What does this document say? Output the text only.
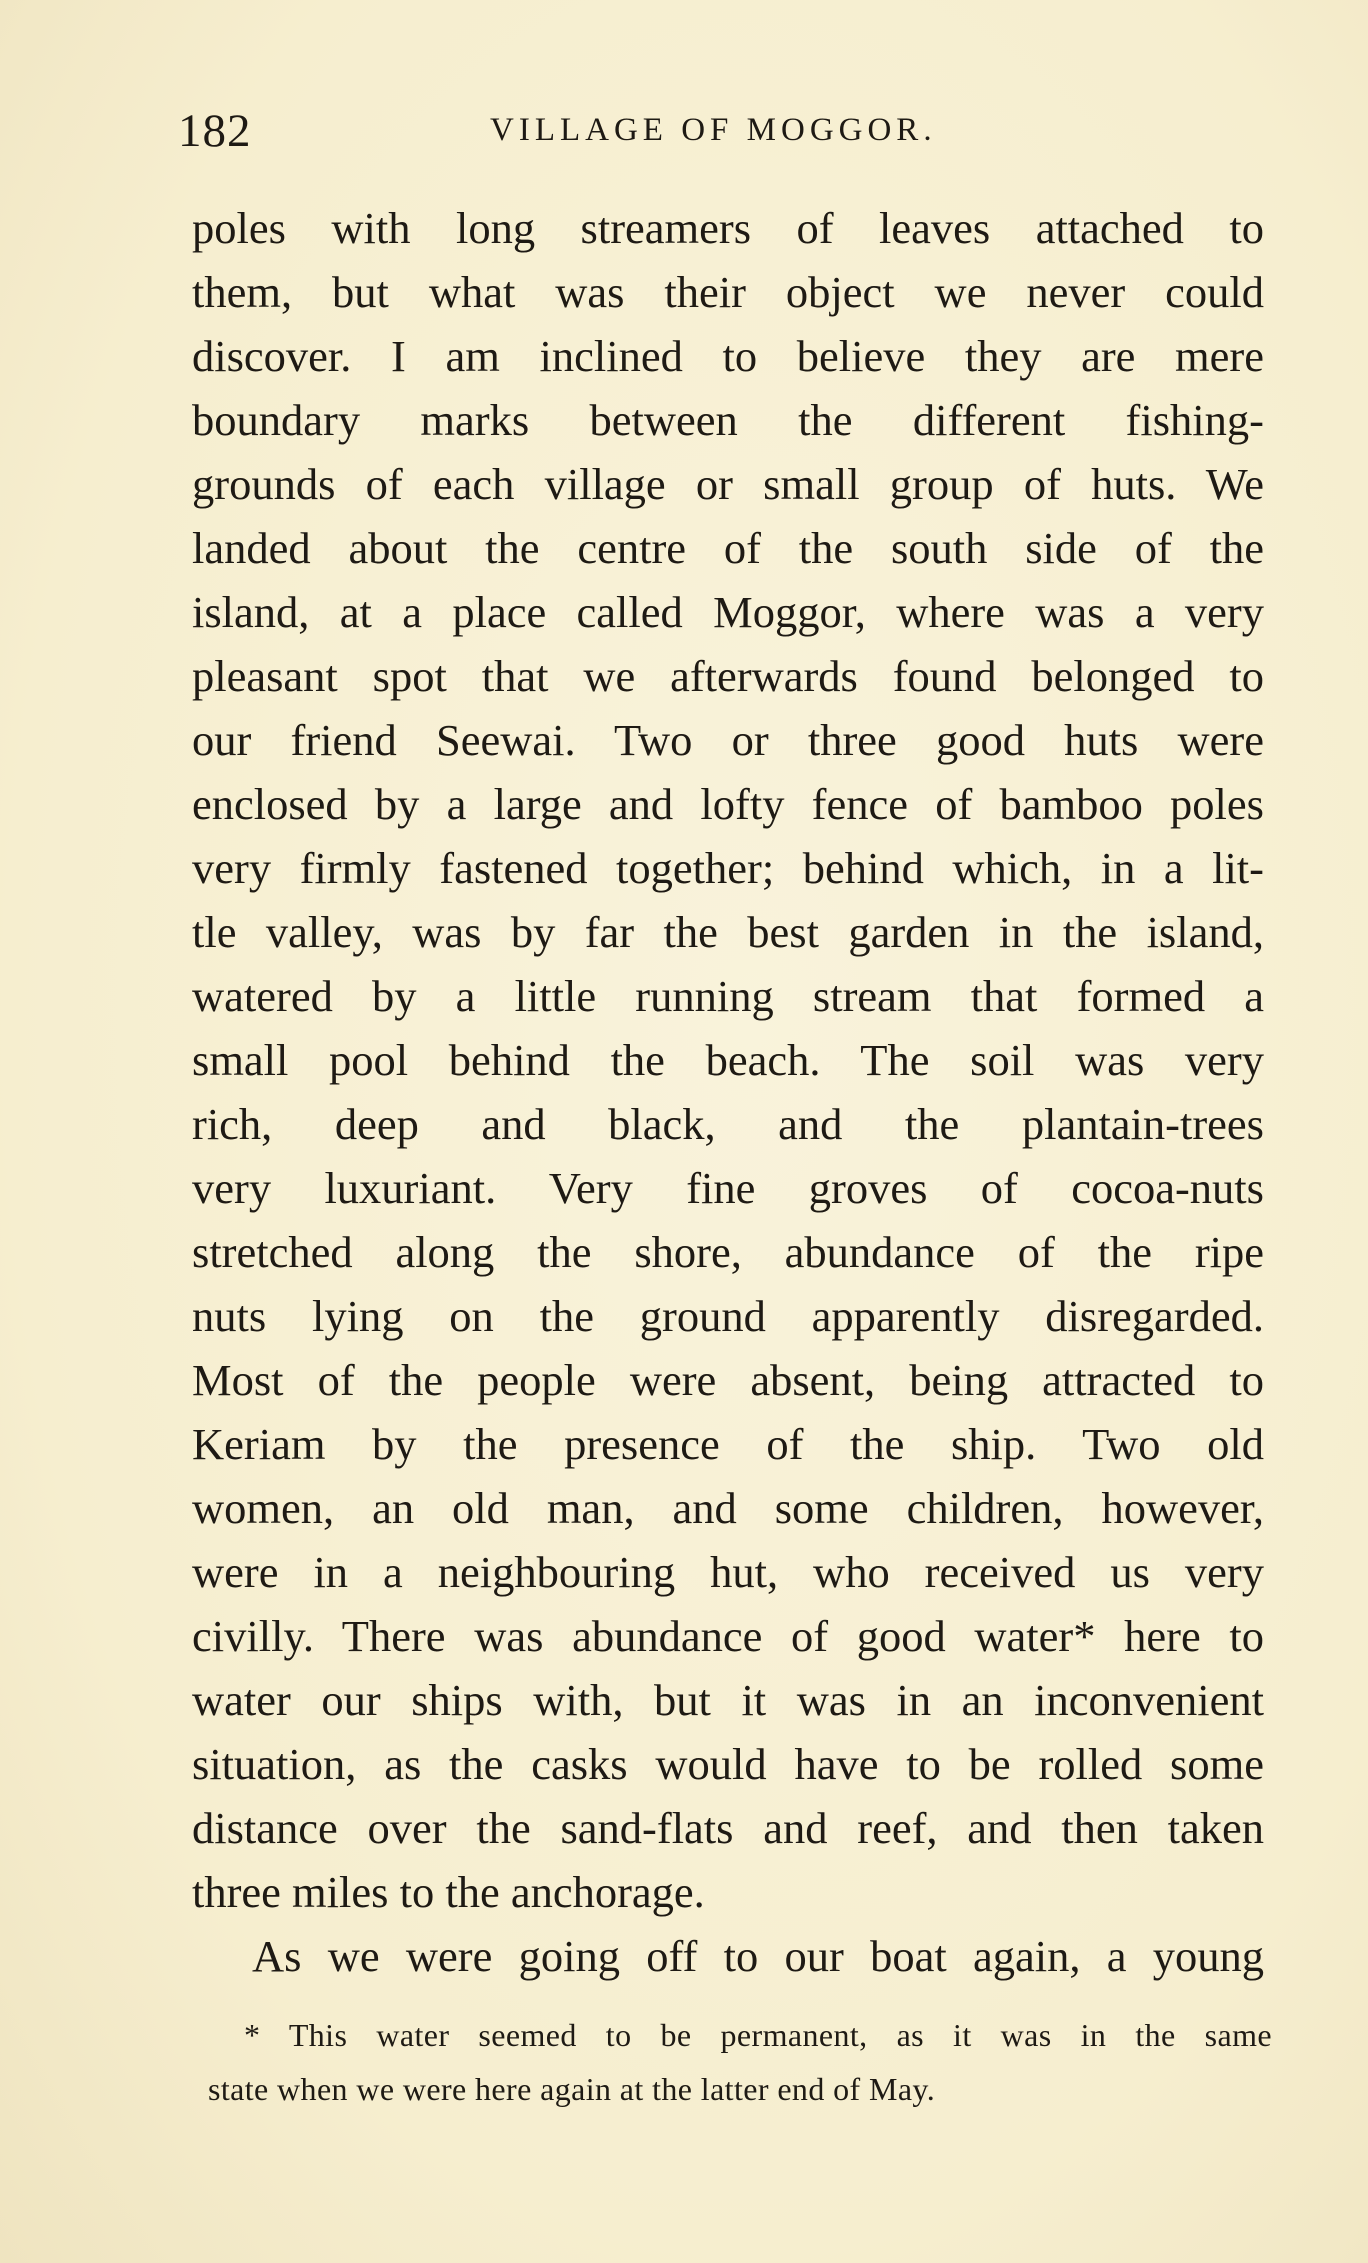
182	VILLAGE OF MOGGOR.
poles with long streamers of leaves attached to
them, but what was their object we never could
discover. I am inclined to believe they are mere
boundary marks between the different fishing-
grounds of each village or small group of huts. We
landed about the centre of the south side of the
island, at a place called Moggor, where was a very
pleasant spot that we afterwards found belonged to
our friend Seewai. Two or three good huts were
enclosed by a large and lofty fence of bamboo poles
very firmly fastened together; behind which, in a lit-
tle valley, was by far the best garden in the island,
watered by a little running stream that formed a
small pool behind the beach. The soil was very
rich, deep and black, and the plantain-trees
very luxuriant. Very fine groves of cocoa-nuts
stretched along the shore, abundance of the ripe
nuts lying on the ground apparently disregarded.
Most of the people were absent, being attracted to
Keriam by the presence of the ship. Two old
women, an old man, and some children, however,
were in a neighbouring hut, who received us very
civilly. There was abundance of good water* here to
water our ships with, but it was in an inconvenient
situation, as the casks would have to be rolled some
distance over the sand-flats and reef, and then taken
three miles to the anchorage.
As we were going off to our boat again, a young
* This water seemed to be permanent, as it was in the same
state when we were here again at the latter end of May.
